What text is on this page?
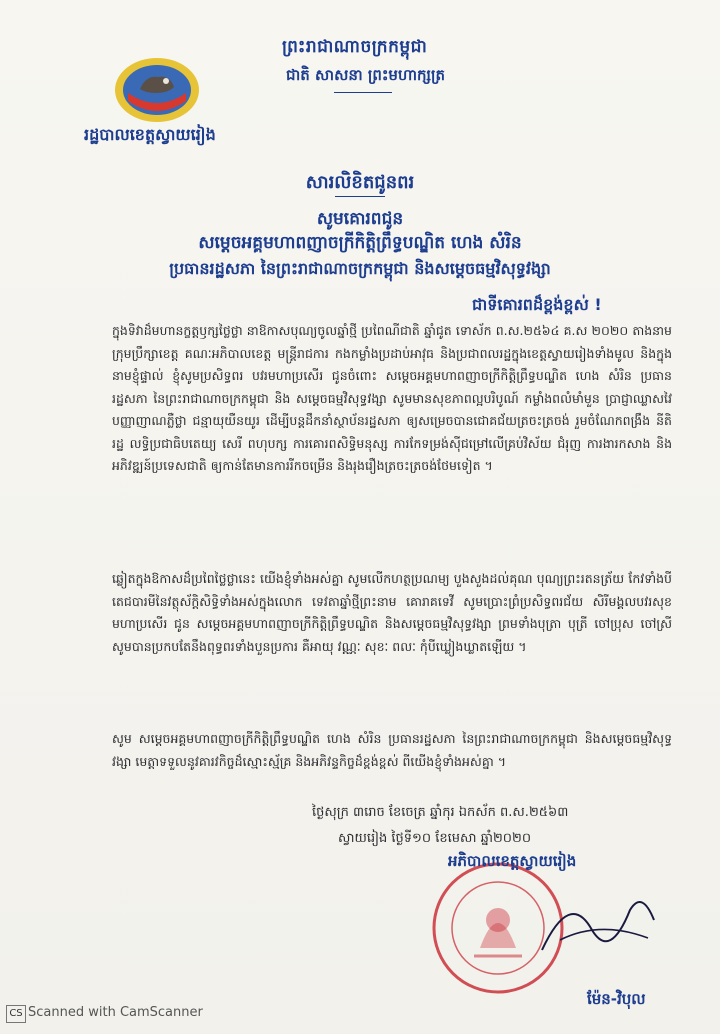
ព្រះរាជាណាចក្រកម្ពុជា
ជាតិ សាសនា ព្រះមហាក្សត្រ
រដ្ឋបាលខេត្តស្វាយរៀង
សារលិខិតជូនពរ
សូមគោរពជូន
សម្តេចអគ្គមហាពញាចក្រីកិត្តិព្រឹទ្ធបណ្ឌិត ហេង សំរិន
ប្រធានរដ្ឋសភា នៃព្រះរាជាណាចក្រកម្ពុជា និងសម្តេចធម្មវិសុទ្ធវង្សា
ជាទីគោរពដ៏ខ្ពង់ខ្ពស់ !
ក្នុងទិវាដ៏មហានក្ខត្តឫក្សថ្លៃថ្លា នាឱកាសបុណ្យចូលឆ្នាំថ្មី ប្រពៃណីជាតិ ឆ្នាំជូត ទោស័ក ព.ស.២៥៦៤ គ.ស ២០២០ តាងនាមក្រុមប្រឹក្សាខេត្ត គណៈអភិបាលខេត្ត មន្ត្រីរាជការ កងកម្លាំងប្រដាប់អាវុធ និងប្រជាពលរដ្ឋក្នុងខេត្តស្វាយរៀងទាំងមូល និងក្នុងនាមខ្ញុំផ្ទាល់ ខ្ញុំសូមប្រសិទ្ធពរ បវរមហាប្រសើរ ជូនចំពោះ សម្តេចអគ្គមហាពញាចក្រីកិត្តិព្រឹទ្ធបណ្ឌិត ហេង សំរិន ប្រធានរដ្ឋសភា នៃព្រះរាជាណាចក្រកម្ពុជា និង សម្តេចធម្មវិសុទ្ធវង្សា សូមមានសុខភាពល្អបរិបូណ៍ កម្លាំងពលំមាំមួន ប្រាជ្ញាឈ្លាសវៃ បញ្ញាញាណភ្លឺថ្លា ជន្មាយុយឺនយូរ ដើម្បីបន្តដឹកនាំស្ថាប័នរដ្ឋសភា ឲ្យសម្រេចបានជោគជ័យត្រចះត្រចង់ រួមចំណែកពង្រឹង នីតិរដ្ឋ លទ្ធិប្រជាធិបតេយ្យ សេរី ពហុបក្ស ការគោរពសិទ្ធិមនុស្ស ការកែទម្រង់ស៊ីជម្រៅលើគ្រប់វិស័យ ជំរុញ ការងារកសាង និងអភិវឌ្ឍន៍ប្រទេសជាតិ ឲ្យកាន់តែមានការរីកចម្រើន និងរុងរឿងត្រចះត្រចង់ថែមទៀត ។
ឆ្លៀតក្នុងឱកាសដ៏ប្រពៃថ្លៃថ្លានេះ យើងខ្ញុំទាំងអស់គ្នា សូមលើកហត្ថប្រណម្យ បួងសួងដល់គុណ បុណ្យព្រះរតនត្រ័យ កែវទាំងបី តេជបារមីនៃវត្ថុស័ក្តិសិទ្ធិទាំងអស់ក្នុងលោក ទេវតាឆ្នាំថ្មីព្រះនាម គោរាគទេវី សូមប្រោះព្រំប្រសិទ្ធពរជ័យ សិរីមង្គលបវរសុខមហាប្រសើរ ជូន សម្តេចអគ្គមហាពញាចក្រីកិត្តិព្រឹទ្ធបណ្ឌិត និងសម្តេចធម្មវិសុទ្ធវង្សា ព្រមទាំងបុត្រា បុត្រី ចៅប្រុស ចៅស្រី សូមបានប្រកបតែនឹងពុទ្ធពរទាំងបួនប្រការ គឺអាយុ វណ្ណៈ សុខៈ ពលៈ កុំបីឃ្លៀងឃ្លាតឡើយ ។
សូម សម្តេចអគ្គមហាពញាចក្រីកិត្តិព្រឹទ្ធបណ្ឌិត ហេង សំរិន ប្រធានរដ្ឋសភា នៃព្រះរាជាណាចក្រកម្ពុជា និងសម្តេចធម្មវិសុទ្ធវង្សា មេត្តាទទួលនូវគារវកិច្ចដ៏ស្មោះស្ម័គ្រ និងអភិវន្ទកិច្ចដ៏ខ្ពង់ខ្ពស់ ពីយើងខ្ញុំទាំងអស់គ្នា ។
ថ្ងៃសុក្រ ៣រោច ខែចេត្រ ឆ្នាំកុរ ឯកស័ក ព.ស.២៥៦៣
ស្វាយរៀង ថ្ងៃទី១០ ខែមេសា ឆ្នាំ២០២០
អភិបាលខេត្តស្វាយរៀង
ម៉ែន-វិបុល
CS Scanned with CamScanner
